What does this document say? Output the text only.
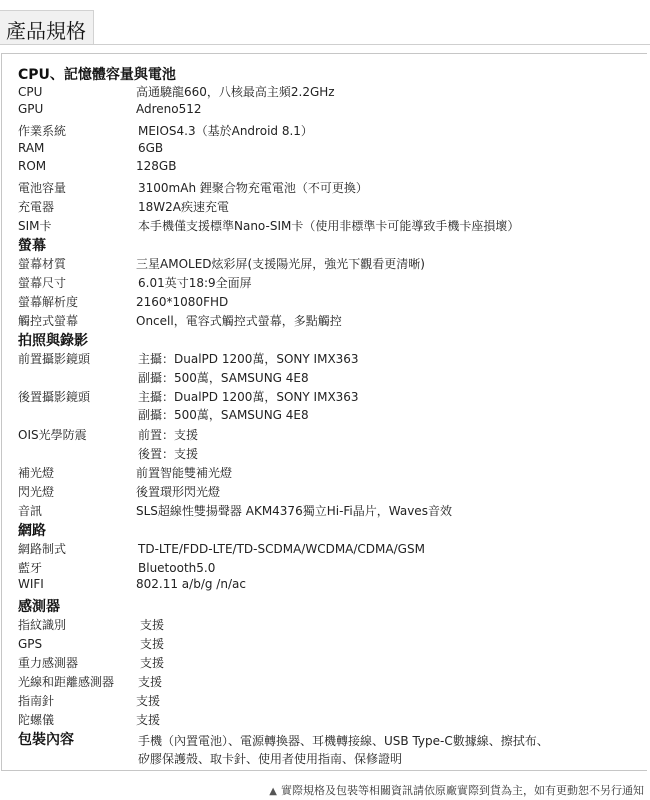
產品規格
CPU、記憶體容量與電池
CPU	高通驍龍660，八核最高主頻2.2GHz
GPU	Adreno512
作業系統	MEIOS4.3（基於Android 8.1）
RAM	6GB
ROM	128GB
電池容量	3100mAh 鋰聚合物充電電池（不可更換）
充電器	18W2A疾速充電
SIM卡	本手機僅支援標準Nano-SIM卡（使用非標準卡可能導致手機卡座損壞）
螢幕
螢幕材質	三星AMOLED炫彩屏(支援陽光屏，強光下觀看更清晰)
螢幕尺寸	6.01英寸18:9全面屏
螢幕解析度	2160*1080FHD
觸控式螢幕	Oncell，電容式觸控式螢幕，多點觸控
拍照與錄影
前置攝影鏡頭	主攝：DualPD 1200萬，SONY IMX363
副攝：500萬，SAMSUNG 4E8
後置攝影鏡頭	主攝：DualPD 1200萬，SONY IMX363
副攝：500萬，SAMSUNG 4E8
OIS光學防震	前置：支援
後置：支援
補光燈	前置智能雙補光燈
閃光燈	後置環形閃光燈
音訊	SLS超線性雙揚聲器 AKM4376獨立Hi-Fi晶片，Waves音效
網路
網路制式	TD-LTE/FDD-LTE/TD-SCDMA/WCDMA/CDMA/GSM
藍牙	Bluetooth5.0
WIFI	802.11 a/b/g /n/ac
感測器
指紋識別	支援
GPS	支援
重力感測器	支援
光線和距離感測器 支援
指南針	支援
陀螺儀	支援
包裝內容	手機（內置電池）、電源轉換器、耳機轉接線、USB Type-C數據線、擦拭布、
矽膠保護殼、取卡針、使用者使用指南、保修證明
▲ 實際規格及包裝等相關資訊請依原廠實際到貨為主，如有更動恕不另行通知
